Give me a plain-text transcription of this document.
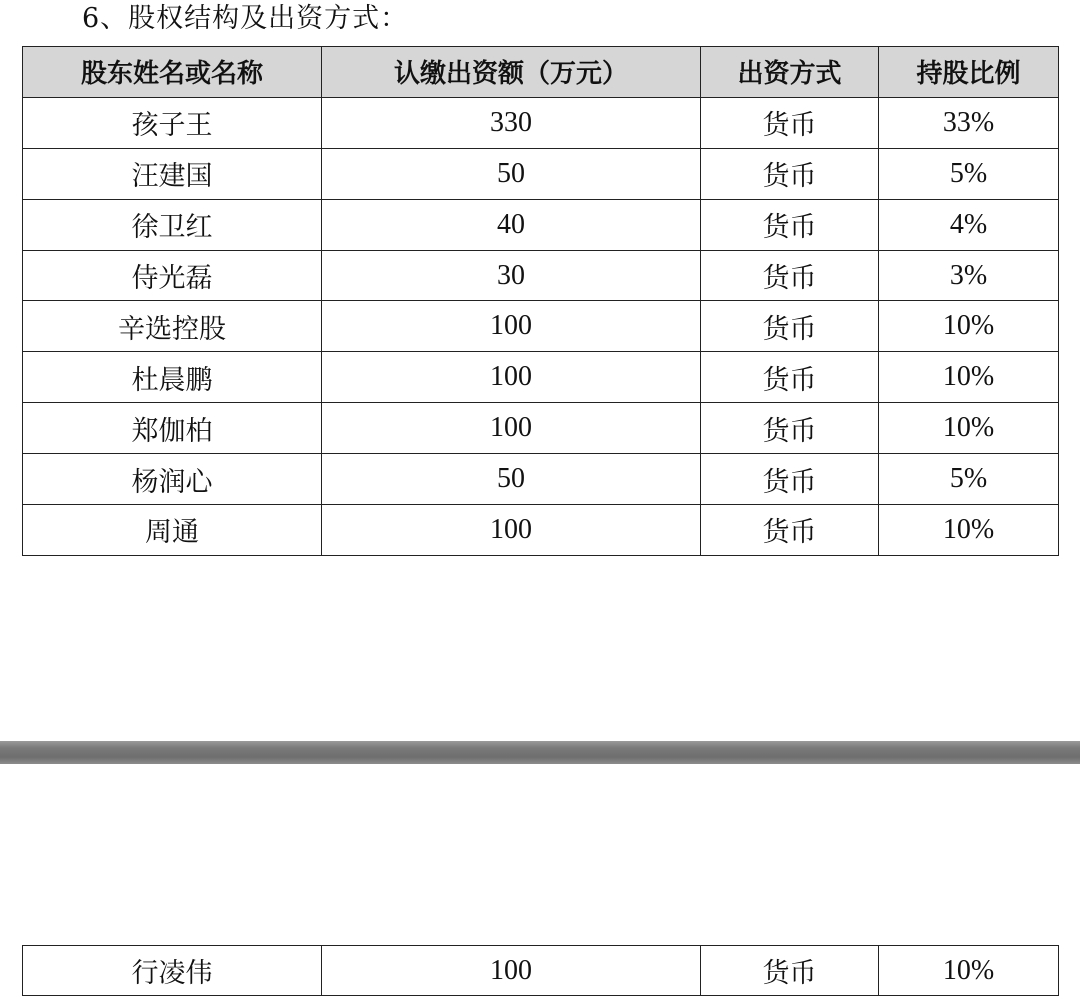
6、股权结构及出资方式：
股东姓名或名称	认缴出资额（万元）	出资方式	持股比例
孩子王	330	货币	33%
汪建国	50	货币	5%
徐卫红	40	货币	4%
侍光磊	30	货币	3%
辛选控股	100	货币	10%
杜晨鹏	100	货币	10%
郑伽柏	100	货币	10%
杨润心	50	货币	5%
周通	100	货币	10%
行凌伟	100	货币	10%
